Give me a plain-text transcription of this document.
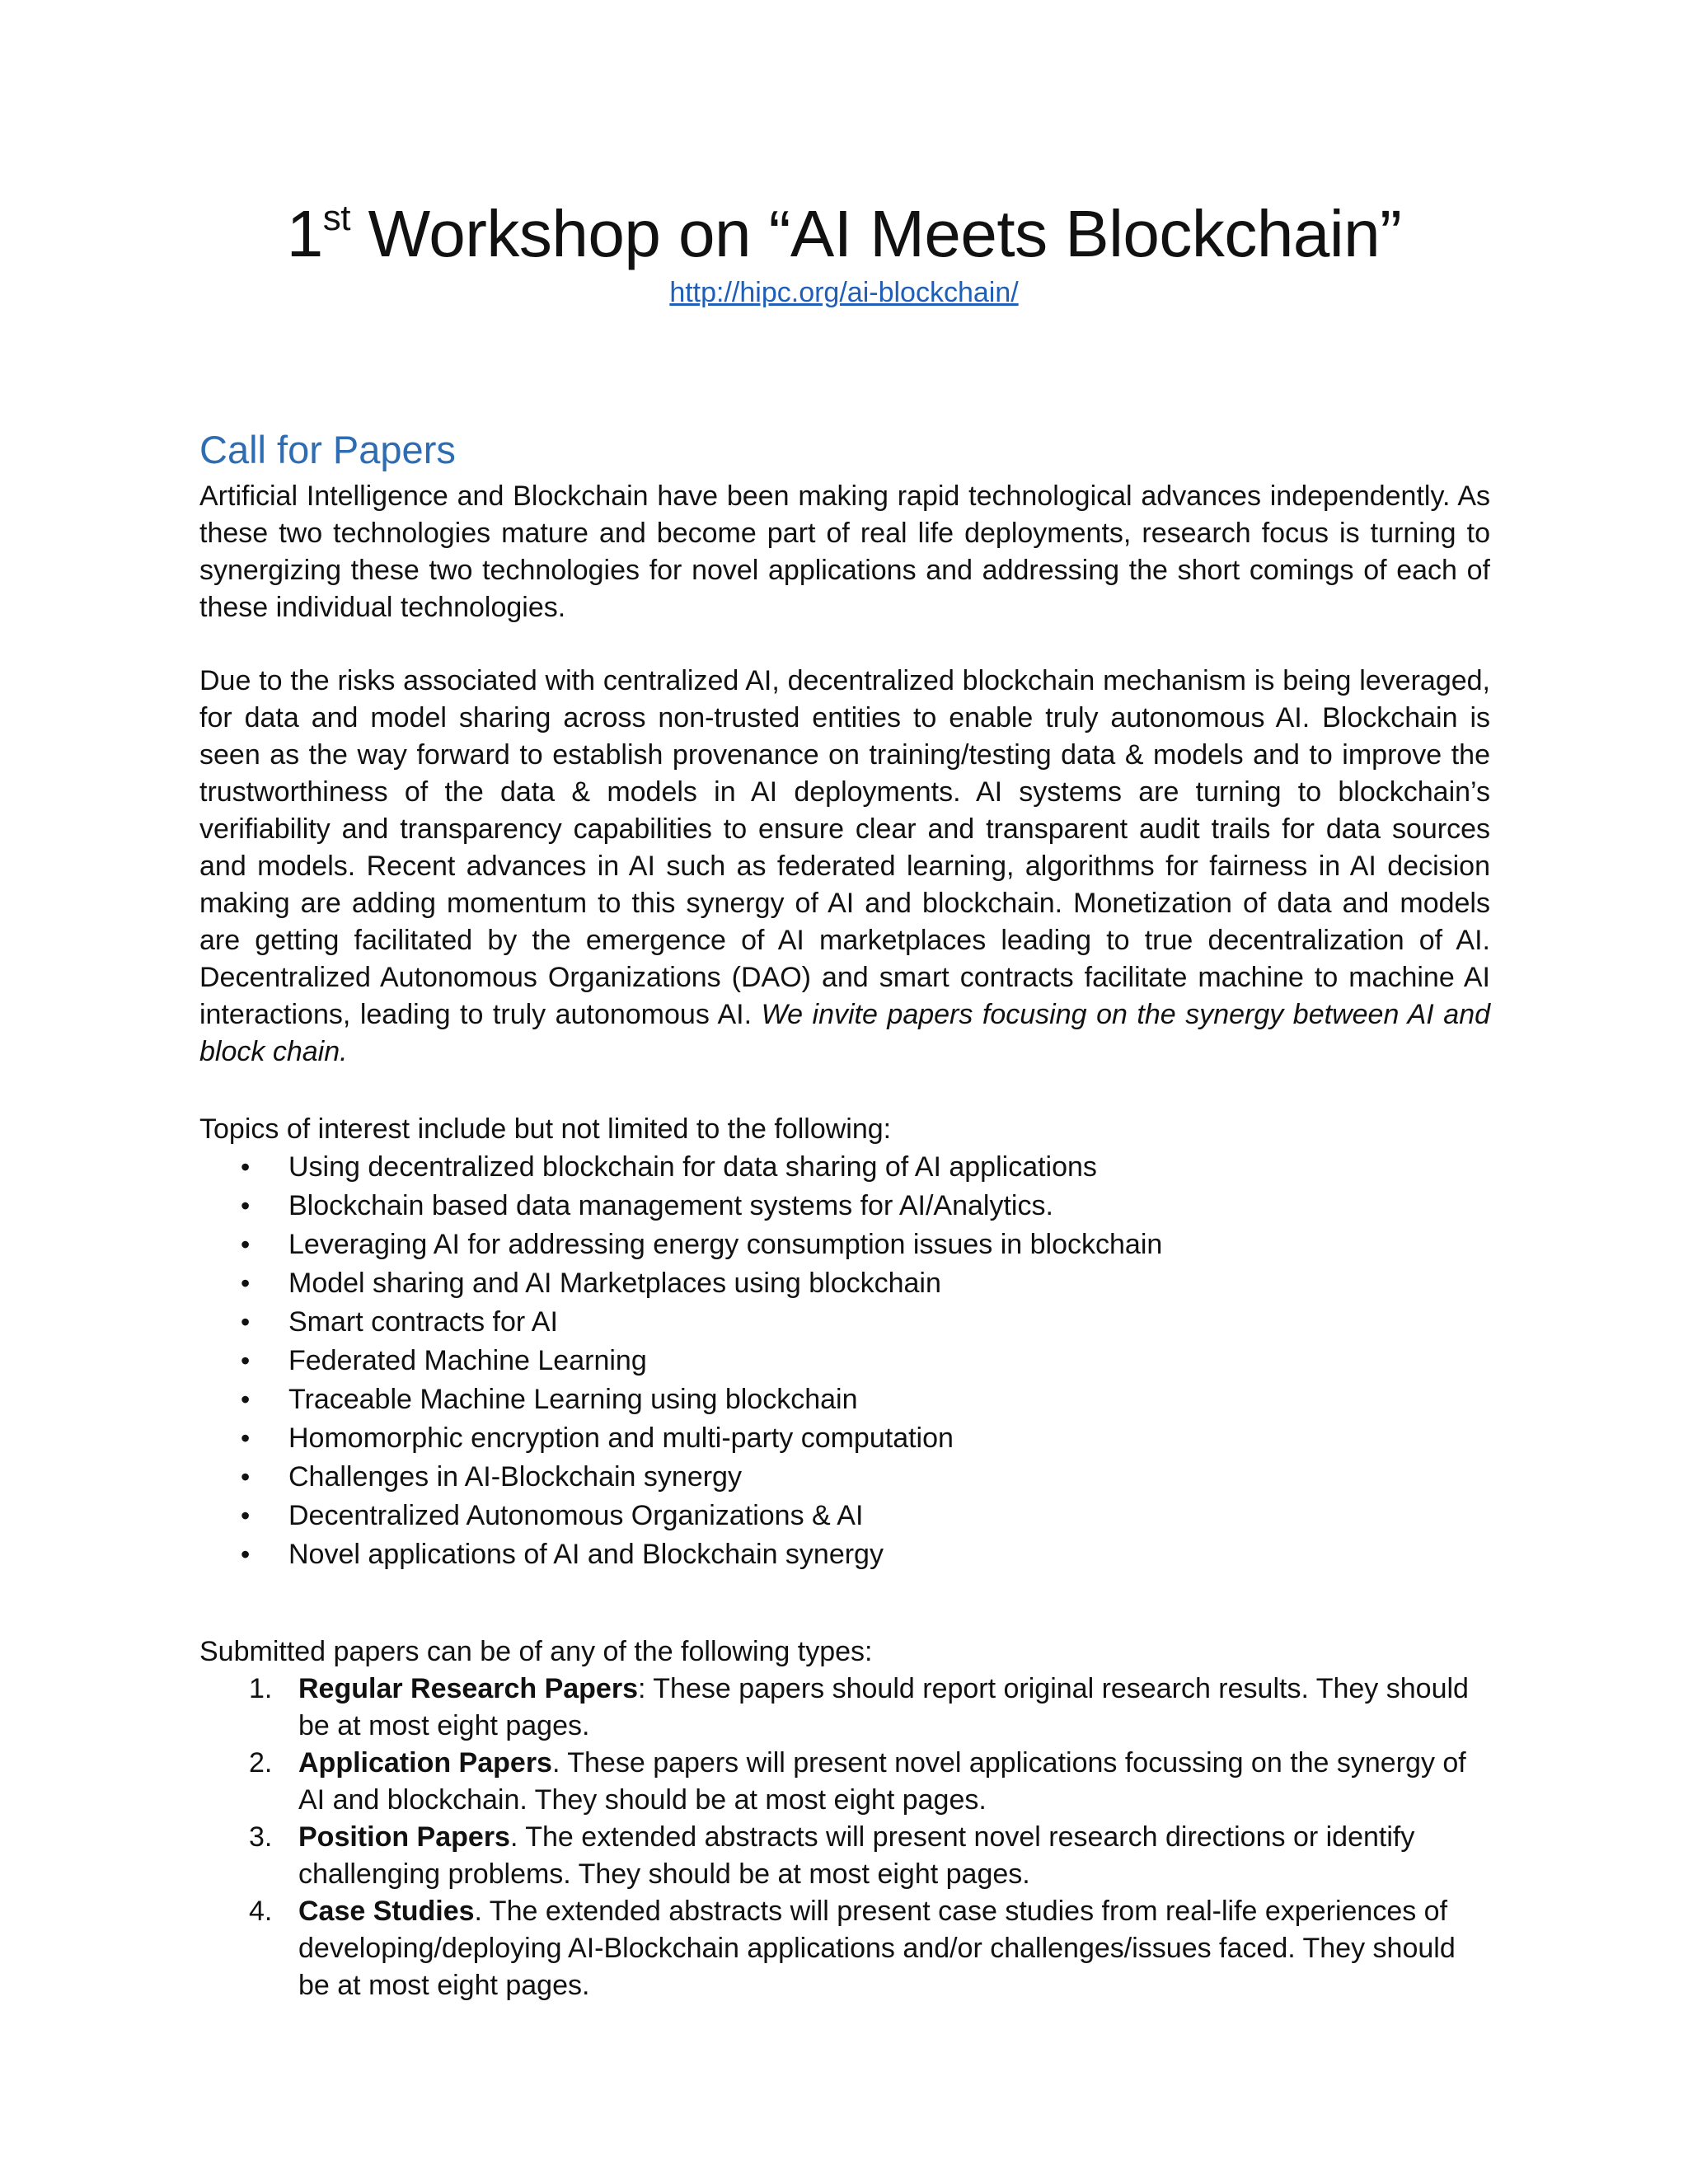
1st Workshop on “AI Meets Blockchain”
http://hipc.org/ai-blockchain/
Call for Papers

Artificial Intelligence and Blockchain have been making rapid technological advances independently. As these two technologies mature and become part of real life deployments, research focus is turning to synergizing these two technologies for novel applications and addressing the short comings of each of these individual technologies.

Due to the risks associated with centralized AI, decentralized blockchain mechanism is being leveraged, for data and model sharing across non-trusted entities to enable truly autonomous AI. Blockchain is seen as the way forward to establish provenance on training/testing data & models and to improve the trustworthiness of the data & models in AI deployments. AI systems are turning to blockchain’s verifiability and transparency capabilities to ensure clear and transparent audit trails for data sources and models. Recent advances in AI such as federated learning, algorithms for fairness in AI decision making are adding momentum to this synergy of AI and blockchain. Monetization of data and models are getting facilitated by the emergence of AI marketplaces leading to true decentralization of AI. Decentralized Autonomous Organizations (DAO) and smart contracts facilitate machine to machine AI interactions, leading to truly autonomous AI. We invite papers focusing on the synergy between AI and block chain.

Topics of interest include but not limited to the following:

• Using decentralized blockchain for data sharing of AI applications
• Blockchain based data management systems for AI/Analytics.
• Leveraging AI for addressing energy consumption issues in blockchain
• Model sharing and AI Marketplaces using blockchain
• Smart contracts for AI
• Federated Machine Learning
• Traceable Machine Learning using blockchain
• Homomorphic encryption and multi-party computation
• Challenges in AI-Blockchain synergy
• Decentralized Autonomous Organizations & AI
• Novel applications of AI and Blockchain synergy

Submitted papers can be of any of the following types:

1. Regular Research Papers: These papers should report original research results. They should be at most eight pages.
2. Application Papers. These papers will present novel applications focussing on the synergy of AI and blockchain. They should be at most eight pages.
3. Position Papers. The extended abstracts will present novel research directions or identify challenging problems. They should be at most eight pages.
4. Case Studies. The extended abstracts will present case studies from real-life experiences of developing/deploying AI-Blockchain applications and/or challenges/issues faced. They should be at most eight pages.
